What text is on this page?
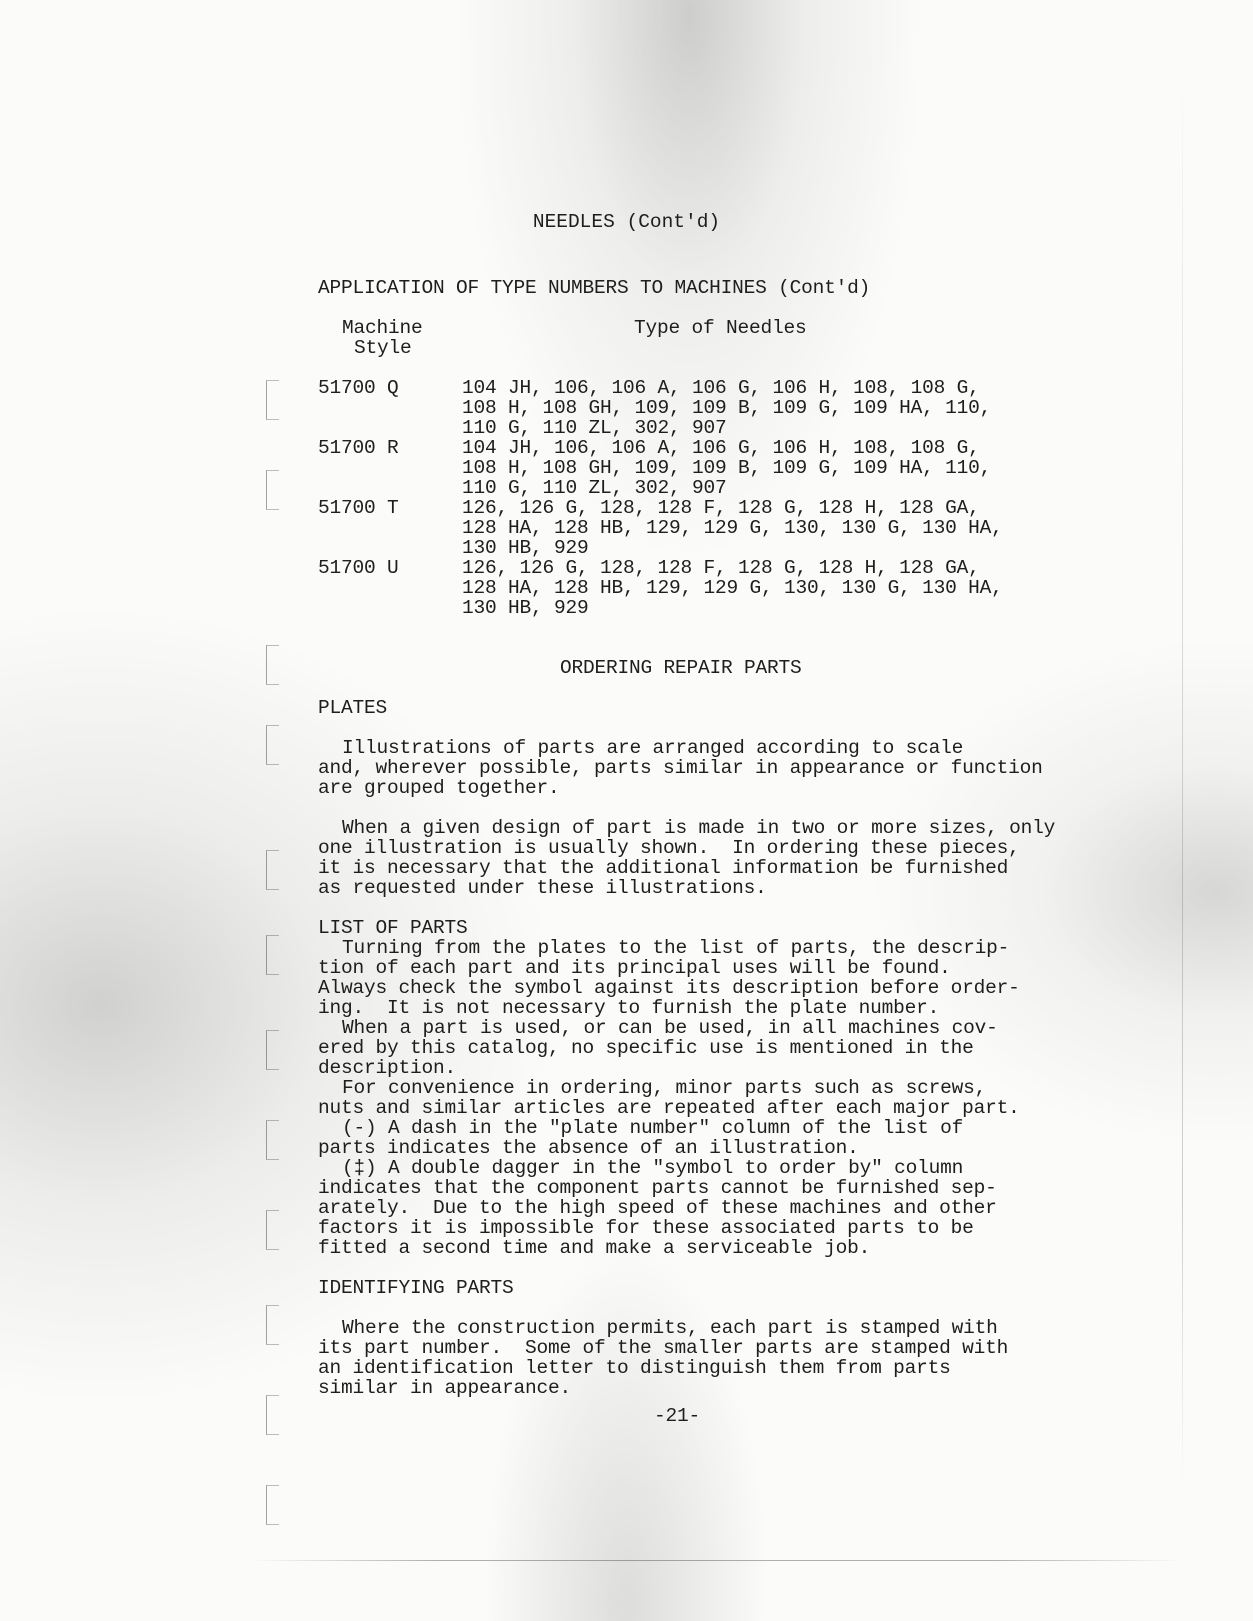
NEEDLES (Cont'd)
APPLICATION OF TYPE NUMBERS TO MACHINES (Cont'd)
Machine
Style
Type of Needles
51700 Q	104 JH, 106, 106 A, 106 G, 106 H, 108, 108 G,
108 H, 108 GH, 109, 109 B, 109 G, 109 HA, 110,
110 G, 110 ZL, 302, 907
51700 R	104 JH, 106, 106 A, 106 G, 106 H, 108, 108 G,
108 H, 108 GH, 109, 109 B, 109 G, 109 HA, 110,
110 G, 110 ZL, 302, 907
51700 T	126, 126 G, 128, 128 F, 128 G, 128 H, 128 GA,
128 HA, 128 HB, 129, 129 G, 130, 130 G, 130 HA,
130 HB, 929
51700 U	126, 126 G, 128, 128 F, 128 G, 128 H, 128 GA,
128 HA, 128 HB, 129, 129 G, 130, 130 G, 130 HA,
130 HB, 929
ORDERING REPAIR PARTS
PLATES
Illustrations of parts are arranged according to scale
and, wherever possible, parts similar in appearance or function
are grouped together.
When a given design of part is made in two or more sizes, only
one illustration is usually shown.  In ordering these pieces,
it is necessary that the additional information be furnished
as requested under these illustrations.
LIST OF PARTS
Turning from the plates to the list of parts, the descrip-
tion of each part and its principal uses will be found.
Always check the symbol against its description before order-
ing.  It is not necessary to furnish the plate number.
When a part is used, or can be used, in all machines cov-
ered by this catalog, no specific use is mentioned in the
description.
For convenience in ordering, minor parts such as screws,
nuts and similar articles are repeated after each major part.
(-) A dash in the "plate number" column of the list of
parts indicates the absence of an illustration.
(‡) A double dagger in the "symbol to order by" column
indicates that the component parts cannot be furnished sep-
arately.  Due to the high speed of these machines and other
factors it is impossible for these associated parts to be
fitted a second time and make a serviceable job.
IDENTIFYING PARTS
Where the construction permits, each part is stamped with
its part number.  Some of the smaller parts are stamped with
an identification letter to distinguish them from parts
similar in appearance.
-21-
